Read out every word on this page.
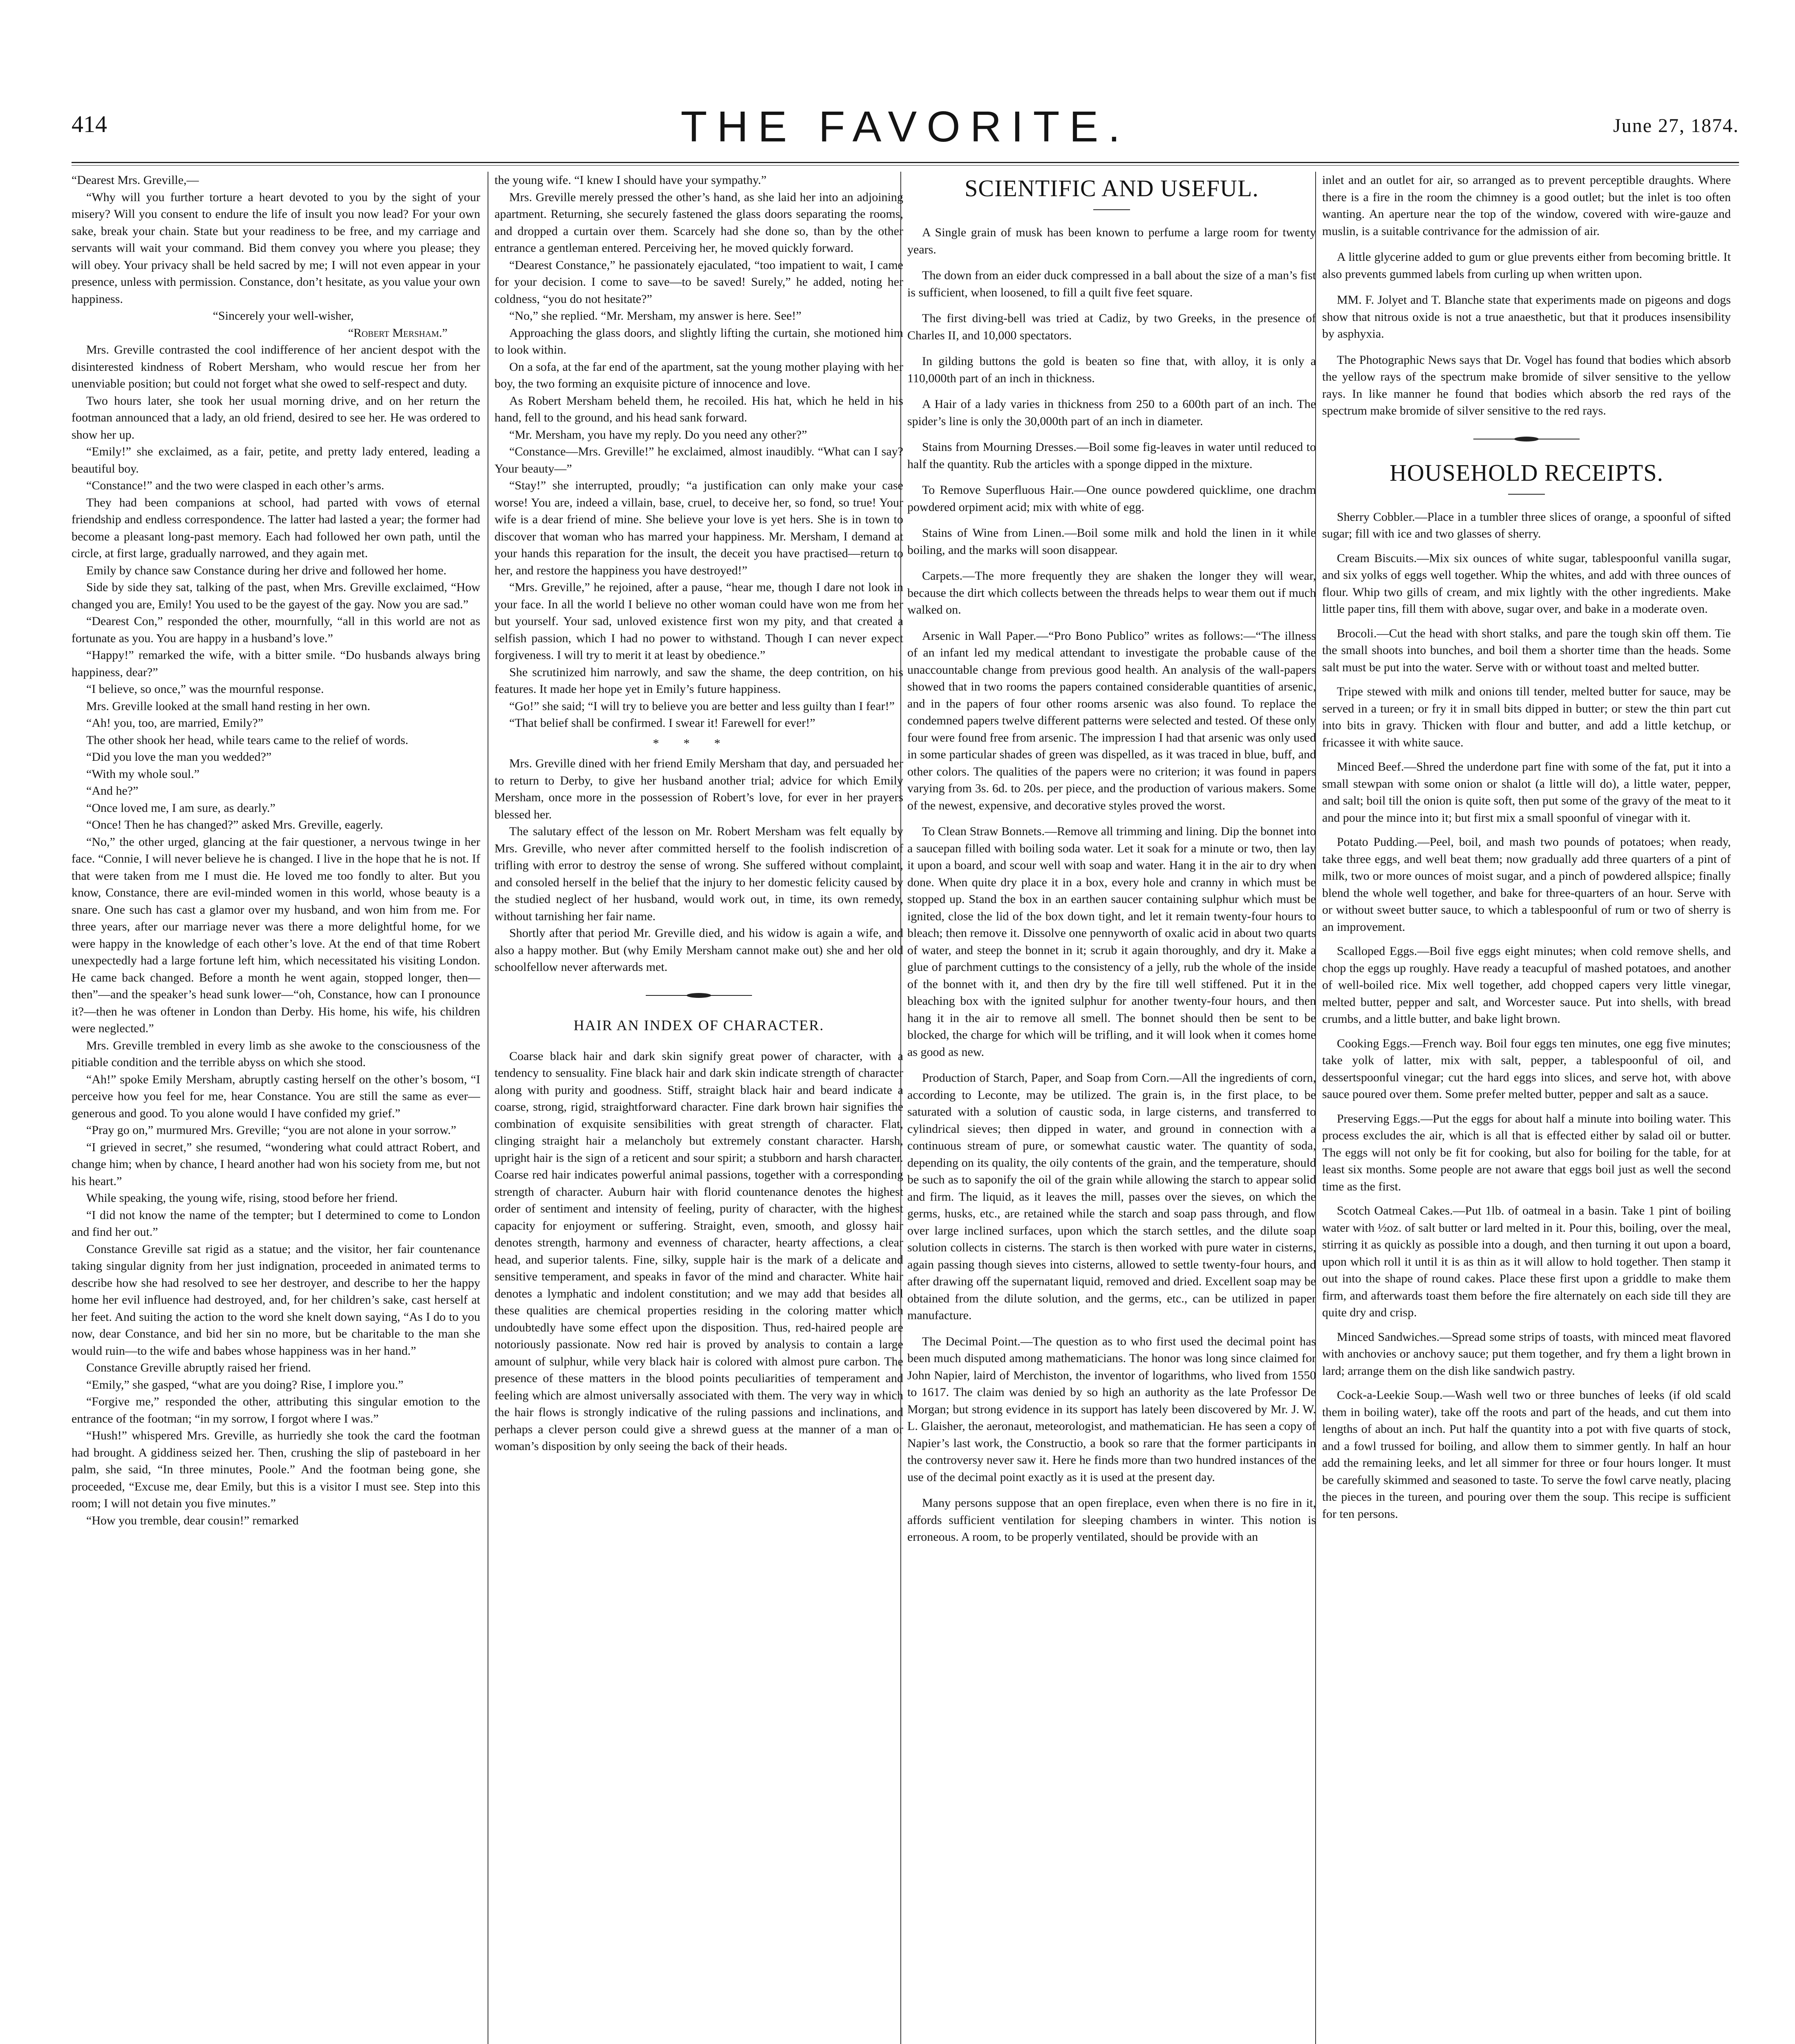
414	THE FAVORITE.	June 27, 1874.

“Dearest Mrs. Greville,—

“Why will you further torture a heart devoted to you by the sight of your misery? Will you consent to endure the life of insult you now lead? For your own sake, break your chain. State but your readiness to be free, and my carriage and servants will wait your command. Bid them convey you where you please; they will obey. Your privacy shall be held sacred by me; I will not even appear in your presence, unless with permission. Constance, don’t hesitate, as you value your own happiness.

“Sincerely your well-wisher,

“Robert Mersham.”

Mrs. Greville contrasted the cool indifference of her ancient despot with the disinterested kindness of Robert Mersham, who would rescue her from her unenviable position; but could not forget what she owed to self-respect and duty.

Two hours later, she took her usual morning drive, and on her return the footman announced that a lady, an old friend, desired to see her. He was ordered to show her up.

“Emily!” she exclaimed, as a fair, petite, and pretty lady entered, leading a beautiful boy.

“Constance!” and the two were clasped in each other’s arms.

They had been companions at school, had parted with vows of eternal friendship and endless correspondence. The latter had lasted a year; the former had become a pleasant long-past memory. Each had followed her own path, until the circle, at first large, gradually narrowed, and they again met.

Emily by chance saw Constance during her drive and followed her home.

Side by side they sat, talking of the past, when Mrs. Greville exclaimed, “How changed you are, Emily! You used to be the gayest of the gay. Now you are sad.”

“Dearest Con,” responded the other, mournfully, “all in this world are not as fortunate as you. You are happy in a husband’s love.”

“Happy!” remarked the wife, with a bitter smile. “Do husbands always bring happiness, dear?”

“I believe, so once,” was the mournful response.

Mrs. Greville looked at the small hand resting in her own.

“Ah! you, too, are married, Emily?”

The other shook her head, while tears came to the relief of words.

“Did you love the man you wedded?”

“With my whole soul.”

“And he?”

“Once loved me, I am sure, as dearly.”

“Once! Then he has changed?” asked Mrs. Greville, eagerly.

“No,” the other urged, glancing at the fair questioner, a nervous twinge in her face. “Connie, I will never believe he is changed. I live in the hope that he is not. If that were taken from me I must die. He loved me too fondly to alter. But you know, Constance, there are evil-minded women in this world, whose beauty is a snare. One such has cast a glamor over my husband, and won him from me. For three years, after our marriage never was there a more delightful home, for we were happy in the knowledge of each other’s love. At the end of that time Robert unexpectedly had a large fortune left him, which necessitated his visiting London. He came back changed. Before a month he went again, stopped longer, then—then”—and the speaker’s head sunk lower—“oh, Constance, how can I pronounce it?—then he was oftener in London than Derby. His home, his wife, his children were neglected.”

Mrs. Greville trembled in every limb as she awoke to the consciousness of the pitiable condition and the terrible abyss on which she stood.

“Ah!” spoke Emily Mersham, abruptly casting herself on the other’s bosom, “I perceive how you feel for me, hear Constance. You are still the same as ever—generous and good. To you alone would I have confided my grief.”

“Pray go on,” murmured Mrs. Greville; “you are not alone in your sorrow.”

“I grieved in secret,” she resumed, “wondering what could attract Robert, and change him; when by chance, I heard another had won his society from me, but not his heart.”

While speaking, the young wife, rising, stood before her friend.

“I did not know the name of the tempter; but I determined to come to London and find her out.”

Constance Greville sat rigid as a statue; and the visitor, her fair countenance taking singular dignity from her just indignation, proceeded in animated terms to describe how she had resolved to see her destroyer, and describe to her the happy home her evil influence had destroyed, and, for her children’s sake, cast herself at her feet. And suiting the action to the word she knelt down saying, “As I do to you now, dear Constance, and bid her sin no more, but be charitable to the man she would ruin—to the wife and babes whose happiness was in her hand.”

Constance Greville abruptly raised her friend.

“Emily,” she gasped, “what are you doing? Rise, I implore you.”

“Forgive me,” responded the other, attributing this singular emotion to the entrance of the footman; “in my sorrow, I forgot where I was.”

“Hush!” whispered Mrs. Greville, as hurriedly she took the card the footman had brought. A giddiness seized her. Then, crushing the slip of pasteboard in her palm, she said, “In three minutes, Poole.” And the footman being gone, she proceeded, “Excuse me, dear Emily, but this is a visitor I must see. Step into this room; I will not detain you five minutes.”

“How you tremble, dear cousin!” remarked

the young wife. “I knew I should have your sympathy.”

Mrs. Greville merely pressed the other’s hand, as she laid her into an adjoining apartment. Returning, she securely fastened the glass doors separating the rooms, and dropped a curtain over them. Scarcely had she done so, than by the other entrance a gentleman entered. Perceiving her, he moved quickly forward.

“Dearest Constance,” he passionately ejaculated, “too impatient to wait, I came for your decision. I come to save—to be saved! Surely,” he added, noting her coldness, “you do not hesitate?”

“No,” she replied. “Mr. Mersham, my answer is here. See!”

Approaching the glass doors, and slightly lifting the curtain, she motioned him to look within.

On a sofa, at the far end of the apartment, sat the young mother playing with her boy, the two forming an exquisite picture of innocence and love.

As Robert Mersham beheld them, he recoiled. His hat, which he held in his hand, fell to the ground, and his head sank forward.

“Mr. Mersham, you have my reply. Do you need any other?”

“Constance—Mrs. Greville!” he exclaimed, almost inaudibly. “What can I say? Your beauty—”

“Stay!” she interrupted, proudly; “a justification can only make your case worse! You are, indeed a villain, base, cruel, to deceive her, so fond, so true! Your wife is a dear friend of mine. She believe your love is yet hers. She is in town to discover that woman who has marred your happiness. Mr. Mersham, I demand at your hands this reparation for the insult, the deceit you have practised—return to her, and restore the happiness you have destroyed!”

“Mrs. Greville,” he rejoined, after a pause, “hear me, though I dare not look in your face. In all the world I believe no other woman could have won me from her but yourself. Your sad, unloved existence first won my pity, and that created a selfish passion, which I had no power to withstand. Though I can never expect forgiveness. I will try to merit it at least by obedience.”

She scrutinized him narrowly, and saw the shame, the deep contrition, on his features. It made her hope yet in Emily’s future happiness.

“Go!” she said; “I will try to believe you are better and less guilty than I fear!”

“That belief shall be confirmed. I swear it! Farewell for ever!”

***

Mrs. Greville dined with her friend Emily Mersham that day, and persuaded her to return to Derby, to give her husband another trial; advice for which Emily Mersham, once more in the possession of Robert’s love, for ever in her prayers blessed her.

The salutary effect of the lesson on Mr. Robert Mersham was felt equally by Mrs. Greville, who never after committed herself to the foolish indiscretion of trifling with error to destroy the sense of wrong. She suffered without complaint, and consoled herself in the belief that the injury to her domestic felicity caused by the studied neglect of her husband, would work out, in time, its own remedy, without tarnishing her fair name.

Shortly after that period Mr. Greville died, and his widow is again a wife, and also a happy mother. But (why Emily Mersham cannot make out) she and her old schoolfellow never afterwards met.

HAIR AN INDEX OF CHARACTER.

Coarse black hair and dark skin signify great power of character, with a tendency to sensuality. Fine black hair and dark skin indicate strength of character along with purity and goodness. Stiff, straight black hair and beard indicate a coarse, strong, rigid, straightforward character. Fine dark brown hair signifies the combination of exquisite sensibilities with great strength of character. Flat, clinging straight hair a melancholy but extremely constant character. Harsh, upright hair is the sign of a reticent and sour spirit; a stubborn and harsh character. Coarse red hair indicates powerful animal passions, together with a corresponding strength of character. Auburn hair with florid countenance denotes the highest order of sentiment and intensity of feeling, purity of character, with the highest capacity for enjoyment or suffering. Straight, even, smooth, and glossy hair denotes strength, harmony and evenness of character, hearty affections, a clear head, and superior talents. Fine, silky, supple hair is the mark of a delicate and sensitive temperament, and speaks in favor of the mind and character. White hair denotes a lymphatic and indolent constitution; and we may add that besides all these qualities are chemical properties residing in the coloring matter which undoubtedly have some effect upon the disposition. Thus, red-haired people are notoriously passionate. Now red hair is proved by analysis to contain a large amount of sulphur, while very black hair is colored with almost pure carbon. The presence of these matters in the blood points peculiarities of temperament and feeling which are almost universally associated with them. The very way in which the hair flows is strongly indicative of the ruling passions and inclinations, and perhaps a clever person could give a shrewd guess at the manner of a man or woman’s disposition by only seeing the back of their heads.

SCIENTIFIC AND USEFUL.

A Single grain of musk has been known to perfume a large room for twenty years.

The down from an eider duck compressed in a ball about the size of a man’s fist is sufficient, when loosened, to fill a quilt five feet square.

The first diving-bell was tried at Cadiz, by two Greeks, in the presence of Charles II, and 10,000 spectators.

In gilding buttons the gold is beaten so fine that, with alloy, it is only a 110,000th part of an inch in thickness.

A Hair of a lady varies in thickness from 250 to a 600th part of an inch. The spider’s line is only the 30,000th part of an inch in diameter.

Stains from Mourning Dresses.—Boil some fig-leaves in water until reduced to half the quantity. Rub the articles with a sponge dipped in the mixture.

To Remove Superfluous Hair.—One ounce powdered quicklime, one drachm powdered orpiment acid; mix with white of egg.

Stains of Wine from Linen.—Boil some milk and hold the linen in it while boiling, and the marks will soon disappear.

Carpets.—The more frequently they are shaken the longer they will wear, because the dirt which collects between the threads helps to wear them out if much walked on.

Arsenic in Wall Paper.—“Pro Bono Publico” writes as follows:—“The illness of an infant led my medical attendant to investigate the probable cause of the unaccountable change from previous good health. An analysis of the wall-papers showed that in two rooms the papers contained considerable quantities of arsenic, and in the papers of four other rooms arsenic was also found. To replace the condemned papers twelve different patterns were selected and tested. Of these only four were found free from arsenic. The impression I had that arsenic was only used in some particular shades of green was dispelled, as it was traced in blue, buff, and other colors. The qualities of the papers were no criterion; it was found in papers varying from 3s. 6d. to 20s. per piece, and the production of various makers. Some of the newest, expensive, and decorative styles proved the worst.

To Clean Straw Bonnets.—Remove all trimming and lining. Dip the bonnet into a saucepan filled with boiling soda water. Let it soak for a minute or two, then lay it upon a board, and scour well with soap and water. Hang it in the air to dry when done. When quite dry place it in a box, every hole and cranny in which must be stopped up. Stand the box in an earthen saucer containing sulphur which must be ignited, close the lid of the box down tight, and let it remain twenty-four hours to bleach; then remove it. Dissolve one pennyworth of oxalic acid in about two quarts of water, and steep the bonnet in it; scrub it again thoroughly, and dry it. Make a glue of parchment cuttings to the consistency of a jelly, rub the whole of the inside of the bonnet with it, and then dry by the fire till well stiffened. Put it in the bleaching box with the ignited sulphur for another twenty-four hours, and then hang it in the air to remove all smell. The bonnet should then be sent to be blocked, the charge for which will be trifling, and it will look when it comes home as good as new.

Production of Starch, Paper, and Soap from Corn.—All the ingredients of corn, according to Leconte, may be utilized. The grain is, in the first place, to be saturated with a solution of caustic soda, in large cisterns, and transferred to cylindrical sieves; then dipped in water, and ground in connection with a continuous stream of pure, or somewhat caustic water. The quantity of soda, depending on its quality, the oily contents of the grain, and the temperature, should be such as to saponify the oil of the grain while allowing the starch to appear solid and firm. The liquid, as it leaves the mill, passes over the sieves, on which the germs, husks, etc., are retained while the starch and soap pass through, and flow over large inclined surfaces, upon which the starch settles, and the dilute soap solution collects in cisterns. The starch is then worked with pure water in cisterns, again passing though sieves into cisterns, allowed to settle twenty-four hours, and after drawing off the supernatant liquid, removed and dried. Excellent soap may be obtained from the dilute solution, and the germs, etc., can be utilized in paper manufacture.

The Decimal Point.—The question as to who first used the decimal point has been much disputed among mathematicians. The honor was long since claimed for John Napier, laird of Merchiston, the inventor of logarithms, who lived from 1550 to 1617. The claim was denied by so high an authority as the late Professor De Morgan; but strong evidence in its support has lately been discovered by Mr. J. W. L. Glaisher, the aeronaut, meteorologist, and mathematician. He has seen a copy of Napier’s last work, the Constructio, a book so rare that the former participants in the controversy never saw it. Here he finds more than two hundred instances of the use of the decimal point exactly as it is used at the present day.

Many persons suppose that an open fireplace, even when there is no fire in it, affords sufficient ventilation for sleeping chambers in winter. This notion is erroneous. A room, to be properly ventilated, should be provide with an

inlet and an outlet for air, so arranged as to prevent perceptible draughts. Where there is a fire in the room the chimney is a good outlet; but the inlet is too often wanting. An aperture near the top of the window, covered with wire-gauze and muslin, is a suitable contrivance for the admission of air.

A little glycerine added to gum or glue prevents either from becoming brittle. It also prevents gummed labels from curling up when written upon.

MM. F. Jolyet and T. Blanche state that experiments made on pigeons and dogs show that nitrous oxide is not a true anaesthetic, but that it produces insensibility by asphyxia.

The Photographic News says that Dr. Vogel has found that bodies which absorb the yellow rays of the spectrum make bromide of silver sensitive to the yellow rays. In like manner he found that bodies which absorb the red rays of the spectrum make bromide of silver sensitive to the red rays.

HOUSEHOLD RECEIPTS.

Sherry Cobbler.—Place in a tumbler three slices of orange, a spoonful of sifted sugar; fill with ice and two glasses of sherry.

Cream Biscuits.—Mix six ounces of white sugar, tablespoonful vanilla sugar, and six yolks of eggs well together. Whip the whites, and add with three ounces of flour. Whip two gills of cream, and mix lightly with the other ingredients. Make little paper tins, fill them with above, sugar over, and bake in a moderate oven.

Brocoli.—Cut the head with short stalks, and pare the tough skin off them. Tie the small shoots into bunches, and boil them a shorter time than the heads. Some salt must be put into the water. Serve with or without toast and melted butter.

Tripe stewed with milk and onions till tender, melted butter for sauce, may be served in a tureen; or fry it in small bits dipped in butter; or stew the thin part cut into bits in gravy. Thicken with flour and butter, and add a little ketchup, or fricassee it with white sauce.

Minced Beef.—Shred the underdone part fine with some of the fat, put it into a small stewpan with some onion or shalot (a little will do), a little water, pepper, and salt; boil till the onion is quite soft, then put some of the gravy of the meat to it and pour the mince into it; but first mix a small spoonful of vinegar with it.

Potato Pudding.—Peel, boil, and mash two pounds of potatoes; when ready, take three eggs, and well beat them; now gradually add three quarters of a pint of milk, two or more ounces of moist sugar, and a pinch of powdered allspice; finally blend the whole well together, and bake for three-quarters of an hour. Serve with or without sweet butter sauce, to which a tablespoonful of rum or two of sherry is an improvement.

Scalloped Eggs.—Boil five eggs eight minutes; when cold remove shells, and chop the eggs up roughly. Have ready a teacupful of mashed potatoes, and another of well-boiled rice. Mix well together, add chopped capers very little vinegar, melted butter, pepper and salt, and Worcester sauce. Put into shells, with bread crumbs, and a little butter, and bake light brown.

Cooking Eggs.—French way. Boil four eggs ten minutes, one egg five minutes; take yolk of latter, mix with salt, pepper, a tablespoonful of oil, and dessertspoonful vinegar; cut the hard eggs into slices, and serve hot, with above sauce poured over them. Some prefer melted butter, pepper and salt as a sauce.

Preserving Eggs.—Put the eggs for about half a minute into boiling water. This process excludes the air, which is all that is effected either by salad oil or butter. The eggs will not only be fit for cooking, but also for boiling for the table, for at least six months. Some people are not aware that eggs boil just as well the second time as the first.

Scotch Oatmeal Cakes.—Put 1lb. of oatmeal in a basin. Take 1 pint of boiling water with ½oz. of salt butter or lard melted in it. Pour this, boiling, over the meal, stirring it as quickly as possible into a dough, and then turning it out upon a board, upon which roll it until it is as thin as it will allow to hold together. Then stamp it out into the shape of round cakes. Place these first upon a griddle to make them firm, and afterwards toast them before the fire alternately on each side till they are quite dry and crisp.

Minced Sandwiches.—Spread some strips of toasts, with minced meat flavored with anchovies or anchovy sauce; put them together, and fry them a light brown in lard; arrange them on the dish like sandwich pastry.

Cock-a-Leekie Soup.—Wash well two or three bunches of leeks (if old scald them in boiling water), take off the roots and part of the heads, and cut them into lengths of about an inch. Put half the quantity into a pot with five quarts of stock, and a fowl trussed for boiling, and allow them to simmer gently. In half an hour add the remaining leeks, and let all simmer for three or four hours longer. It must be carefully skimmed and seasoned to taste. To serve the fowl carve neatly, placing the pieces in the tureen, and pouring over them the soup. This recipe is sufficient for ten persons.
